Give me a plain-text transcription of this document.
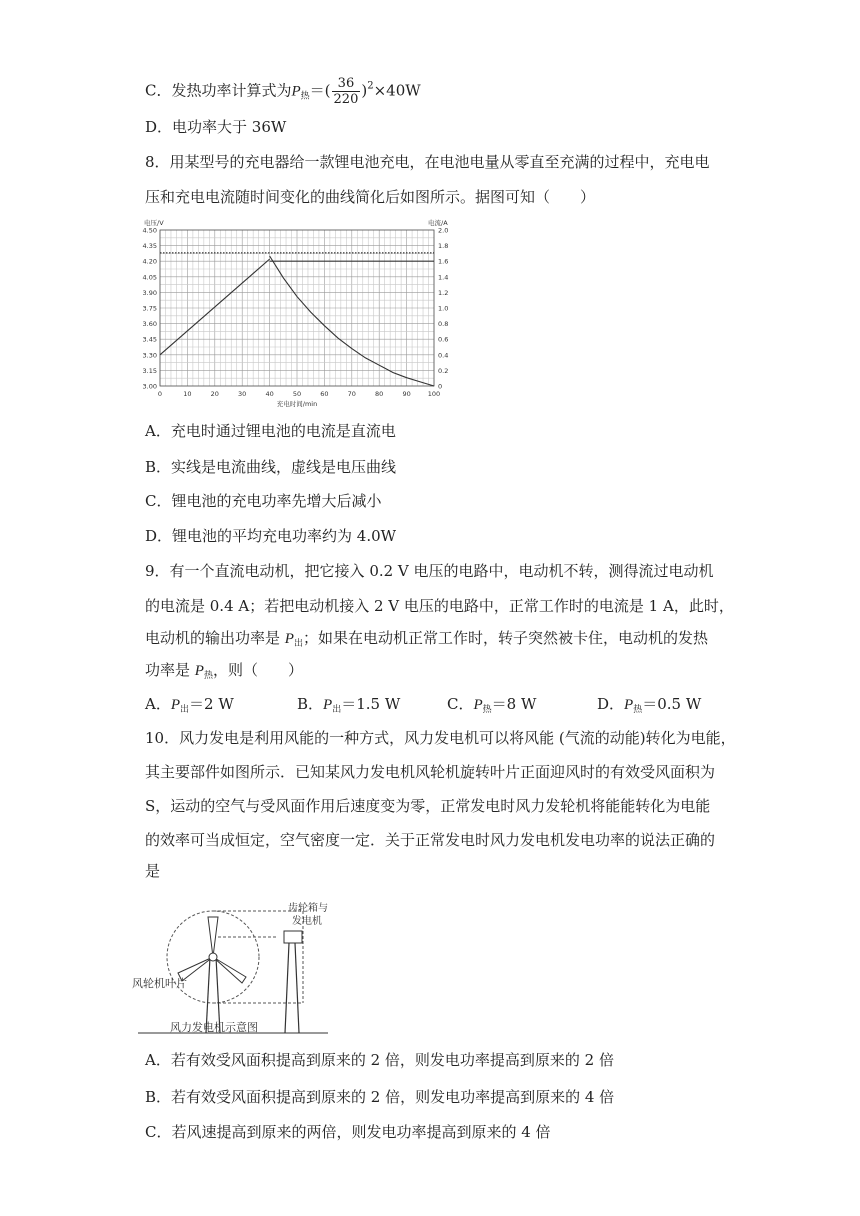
C．发热功率计算式为$P_热=( \frac{36}{220} )^2\times 40W$
D．电功率大于 36W
8．用某型号的充电器给一款锂电池充电，在电池电量从零直至充满的过程中，充电电
压和充电电流随时间变化的曲线简化后如图所示。据图可知（　　）
0	10	20	30	40	50	60	70	80	90	100
4.50
4.35
4.20
4.05
3.90
3.75
3.60
3.45
3.30
3.15
3.00
2.0
1.8
1.6
1.4
1.2
1.0
0.8
0.6
0.4
0.2
0
电压/V	电流/A
充电时间/min
A．充电时通过锂电池的电流是直流电
B．实线是电流曲线，虚线是电压曲线
C．锂电池的充电功率先增大后减小
D．锂电池的平均充电功率约为 4.0W
9．有一个直流电动机，把它接入 0.2 V 电压的电路中，电动机不转，测得流过电动机
的电流是 0.4 A；若把电动机接入 2 V 电压的电路中，正常工作时的电流是 1 A，此时，
电动机的输出功率是 $P_出$；如果在电动机正常工作时，转子突然被卡住，电动机的发热
功率是 $P_热$，则（　　）
A．$P_出=2$ W	B．$P_出=1.5$ W	C．$P_热=8$ W	D．$P_热=0.5$ W
10．风力发电是利用风能的一种方式，风力发电机可以将风能 (气流的动能)转化为电能，
其主要部件如图所示．已知某风力发电机风轮机旋转叶片正面迎风时的有效受风面积为
S，运动的空气与受风面作用后速度变为零，正常发电时风力发轮机将能能转化为电能
的效率可当成恒定，空气密度一定．关于正常发电时风力发电机发电功率的说法正确的
是
齿轮箱与
发电机
风轮机叶片
风力发电机示意图
A．若有效受风面积提高到原来的 2 倍，则发电功率提高到原来的 2 倍
B．若有效受风面积提高到原来的 2 倍，则发电功率提高到原来的 4 倍
C．若风速提高到原来的两倍，则发电功率提高到原来的 4 倍
